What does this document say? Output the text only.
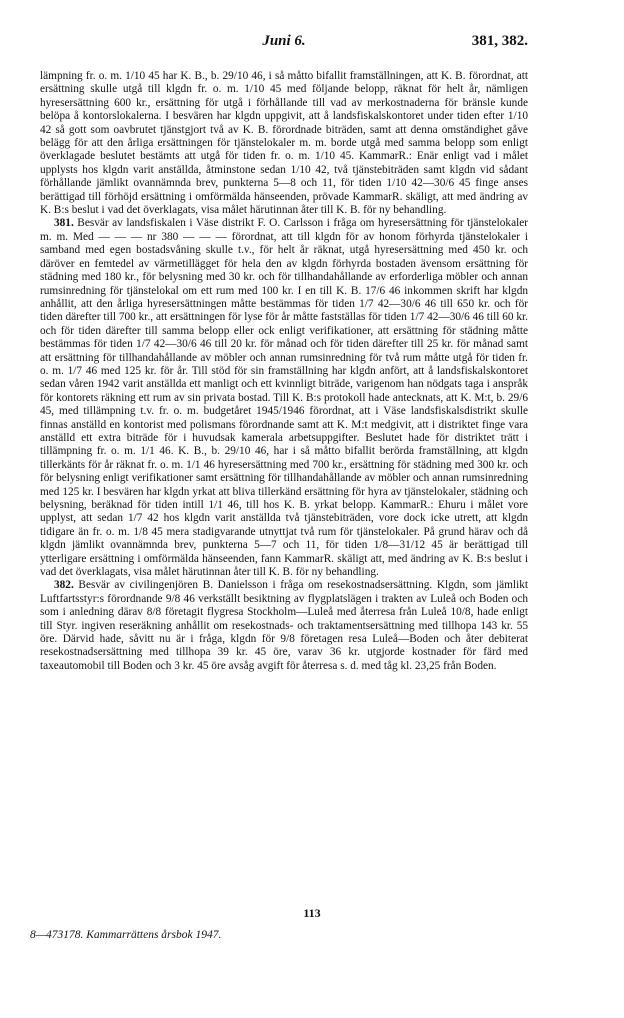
Juni 6.	381, 382.

lämpning fr. o. m. 1/10 45 har K. B., b. 29/10 46, i så måtto bifallit framställningen, att K. B. förordnat, att ersättning skulle utgå till klgdn fr. o. m. 1/10 45 med följande belopp, räknat för helt år, nämligen hyresersättning 600 kr., ersättning för utgå i förhållande till vad av merkostnaderna för bränsle kunde belöpa å kontorslokalerna. I besvären har klgdn uppgivit, att å landsfiskalskontoret under tiden efter 1/10 42 så gott som oavbrutet tjänstgjort två av K. B. förordnade biträden, samt att denna omständighet gåve belägg för att den årliga ersättningen för tjänstelokaler m. m. borde utgå med samma belopp som enligt överklagade beslutet bestämts att utgå för tiden fr. o. m. 1/10 45. KammarR.: Enär enligt vad i målet upplysts hos klgdn varit anställda, åtminstone sedan 1/10 42, två tjänstebiträden samt klgdn vid sådant förhållande jämlikt ovannämnda brev, punkterna 5—8 och 11, för tiden 1/10 42—30/6 45 finge anses berättigad till förhöjd ersättning i omförmälda hänseenden, prövade KammarR. skäligt, att med ändring av K. B:s beslut i vad det överklagats, visa målet härutinnan åter till K. B. för ny behandling.

381. Besvär av landsfiskalen i Väse distrikt F. O. Carlsson i fråga om hyresersättning för tjänstelokaler m. m. Med — — — nr 380 — — — förordnat, att till klgdn för av honom förhyrda tjänstelokaler i samband med egen bostadsvåning skulle t.v., för helt år räknat, utgå hyresersättning med 450 kr. och däröver en femtedel av värmetillägget för hela den av klgdn förhyrda bostaden ävensom ersättning för städning med 180 kr., för belysning med 30 kr. och för tillhandahållande av erforderliga möbler och annan rumsinredning för tjänstelokal om ett rum med 100 kr. I en till K. B. 17/6 46 inkommen skrift har klgdn anhållit, att den årliga hyresersättningen måtte bestämmas för tiden 1/7 42—30/6 46 till 650 kr. och för tiden därefter till 700 kr., att ersättningen för lyse för år måtte fastställas för tiden 1/7 42—30/6 46 till 60 kr. och för tiden därefter till samma belopp eller ock enligt verifikationer, att ersättning för städning måtte bestämmas för tiden 1/7 42—30/6 46 till 20 kr. för månad och för tiden därefter till 25 kr. för månad samt att ersättning för tillhandahållande av möbler och annan rumsinredning för två rum måtte utgå för tiden fr. o. m. 1/7 46 med 125 kr. för år. Till stöd för sin framställning har klgdn anfört, att å landsfiskalskontoret sedan våren 1942 varit anställda ett manligt och ett kvinnligt biträde, varigenom han nödgats taga i anspråk för kontorets räkning ett rum av sin privata bostad. Till K. B:s protokoll hade antecknats, att K. M:t, b. 29/6 45, med tillämpning t.v. fr. o. m. budgetåret 1945/1946 förordnat, att i Väse landsfiskalsdistrikt skulle finnas anställd en kontorist med polismans förordnande samt att K. M:t medgivit, att i distriktet finge vara anställd ett extra biträde för i huvudsak kamerala arbetsuppgifter. Beslutet hade för distriktet trätt i tillämpning fr. o. m. 1/1 46. K. B., b. 29/10 46, har i så måtto bifallit berörda framställning, att klgdn tillerkänts för år räknat fr. o. m. 1/1 46 hyresersättning med 700 kr., ersättning för städning med 300 kr. och för belysning enligt verifikationer samt ersättning för tillhandahållande av möbler och annan rumsinredning med 125 kr. I besvären har klgdn yrkat att bliva tillerkänd ersättning för hyra av tjänstelokaler, städning och belysning, beräknad för tiden intill 1/1 46, till hos K. B. yrkat belopp. KammarR.: Ehuru i målet vore upplyst, att sedan 1/7 42 hos klgdn varit anställda två tjänstebiträden, vore dock icke utrett, att klgdn tidigare än fr. o. m. 1/8 45 mera stadigvarande utnyttjat två rum för tjänstelokaler. På grund härav och då klgdn jämlikt ovannämnda brev, punkterna 5—7 och 11, för tiden 1/8—31/12 45 är berättigad till ytterligare ersättning i omförmälda hänseenden, fann KammarR. skäligt att, med ändring av K. B:s beslut i vad det överklagats, visa målet härutinnan åter till K. B. för ny behandling.

382. Besvär av civilingenjören B. Danielsson i fråga om resekostnadsersättning. Klgdn, som jämlikt Luftfartsstyr:s förordnande 9/8 46 verkställt besiktning av flygplatslägen i trakten av Luleå och Boden och som i anledning därav 8/8 företagit flygresa Stockholm—Luleå med återresa från Luleå 10/8, hade enligt till Styr. ingiven reseräkning anhållit om resekostnads- och traktamentsersättning med tillhopa 143 kr. 55 öre. Därvid hade, såvitt nu är i fråga, klgdn för 9/8 företagen resa Luleå—Boden och åter debiterat resekostnadsersättning med tillhopa 39 kr. 45 öre, varav 36 kr. utgjorde kostnader för färd med taxeautomobil till Boden och 3 kr. 45 öre avsåg avgift för återresa s. d. med tåg kl. 23,25 från Boden.

113
8—473178. Kammarrättens årsbok 1947.
